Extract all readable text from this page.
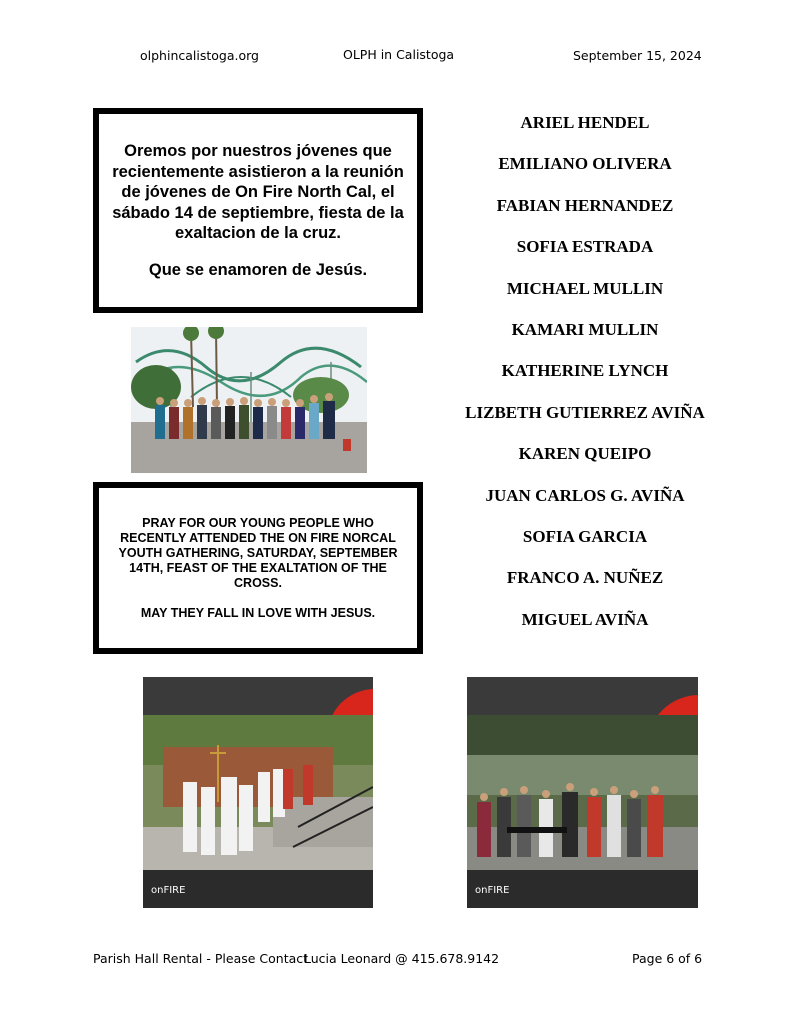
olphincalistoga.org	OLPH in Calistoga	September 15, 2024

Oremos por nuestros jóvenes que recientemente asistieron a la reunión de jóvenes de On Fire North Cal, el sábado 14 de septiembre, fiesta de la exaltacion de la cruz.

Que se enamoren de Jesús.

PRAY FOR OUR YOUNG PEOPLE WHO RECENTLY ATTENDED THE ON FIRE NORCAL YOUTH GATHERING, SATURDAY, SEPTEMBER 14TH, FEAST OF THE EXALTATION OF THE CROSS.

MAY THEY FALL IN LOVE WITH JESUS.

ARIEL HENDEL
EMILIANO OLIVERA
FABIAN HERNANDEZ
SOFIA ESTRADA
MICHAEL MULLIN
KAMARI MULLIN
KATHERINE LYNCH
LIZBETH GUTIERREZ AVIÑA
KAREN QUEIPO
JUAN CARLOS G. AVIÑA
SOFIA GARCIA
FRANCO A. NUÑEZ
MIGUEL AVIÑA
onFIRE	onFIRE
Parish Hall Rental - Please Contact
Lucia Leonard @ 415.678.9142	Page 6 of 6
